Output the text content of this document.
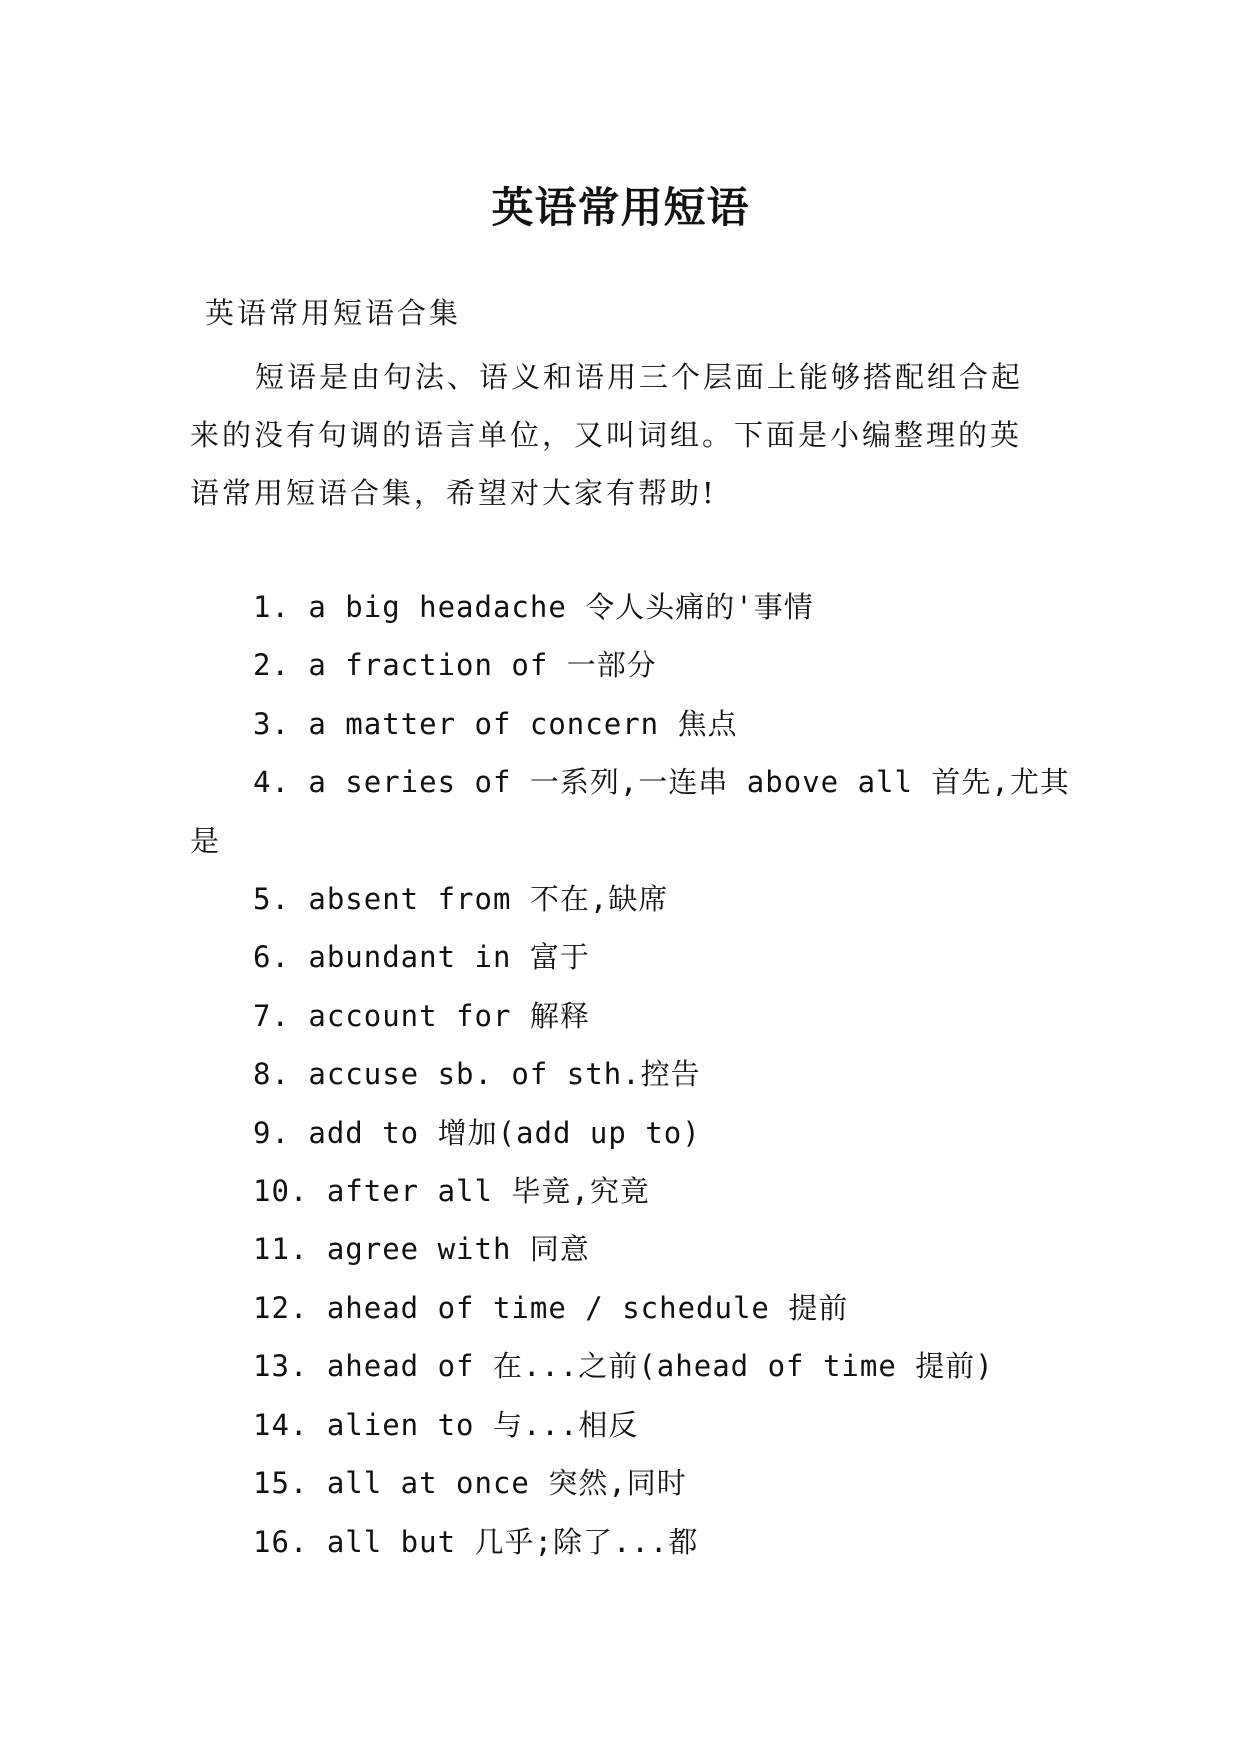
英语常用短语
英语常用短语合集

短语是由句法、语义和语用三个层面上能够搭配组合起
来的没有句调的语言单位，又叫词组。下面是小编整理的英
语常用短语合集，希望对大家有帮助!

1. a big headache 令人头痛的'事情
2. a fraction of 一部分
3. a matter of concern 焦点
4. a series of 一系列,一连串 above all 首先,尤其
是
5. absent from 不在,缺席
6. abundant in 富于
7. account for 解释
8. accuse sb. of sth.控告
9. add to 增加(add up to)
10. after all 毕竟,究竟
11. agree with 同意
12. ahead of time / schedule 提前
13. ahead of 在...之前(ahead of time 提前)
14. alien to 与...相反
15. all at once 突然,同时
16. all but 几乎;除了...都
